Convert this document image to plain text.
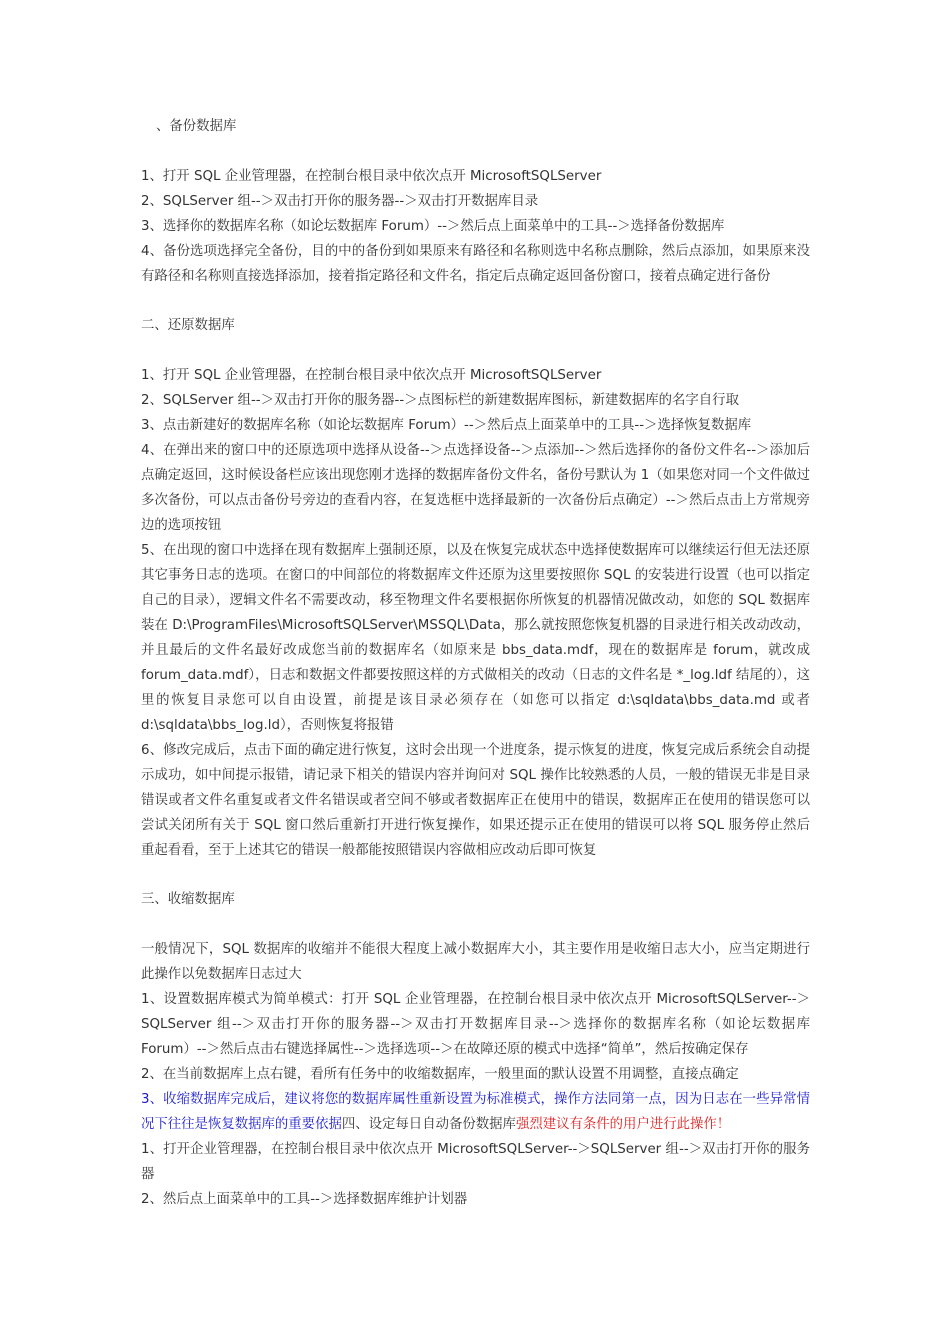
、备份数据库

1、打开 SQL 企业管理器，在控制台根目录中依次点开 MicrosoftSQLServer

2、SQLServer 组--＞双击打开你的服务器--＞双击打开数据库目录

3、选择你的数据库名称（如论坛数据库 Forum）--＞然后点上面菜单中的工具--＞选择备份数据库

4、备份选项选择完全备份，目的中的备份到如果原来有路径和名称则选中名称点删除，然后点添加，如果原来没有路径和名称则直接选择添加，接着指定路径和文件名，指定后点确定返回备份窗口，接着点确定进行备份

二、还原数据库

1、打开 SQL 企业管理器，在控制台根目录中依次点开 MicrosoftSQLServer

2、SQLServer 组--＞双击打开你的服务器--＞点图标栏的新建数据库图标，新建数据库的名字自行取

3、点击新建好的数据库名称（如论坛数据库 Forum）--＞然后点上面菜单中的工具--＞选择恢复数据库

4、在弹出来的窗口中的还原选项中选择从设备--＞点选择设备--＞点添加--＞然后选择你的备份文件名--＞添加后点确定返回，这时候设备栏应该出现您刚才选择的数据库备份文件名，备份号默认为 1（如果您对同一个文件做过多次备份，可以点击备份号旁边的查看内容，在复选框中选择最新的一次备份后点确定）--＞然后点击上方常规旁边的选项按钮

5、在出现的窗口中选择在现有数据库上强制还原，以及在恢复完成状态中选择使数据库可以继续运行但无法还原其它事务日志的选项。在窗口的中间部位的将数据库文件还原为这里要按照你 SQL 的安装进行设置（也可以指定自己的目录），逻辑文件名不需要改动，移至物理文件名要根据你所恢复的机器情况做改动，如您的 SQL 数据库装在 D:\ProgramFiles\MicrosoftSQLServer\MSSQL\Data，那么就按照您恢复机器的目录进行相关改动改动，并且最后的文件名最好改成您当前的数据库名（如原来是 bbs_data.mdf，现在的数据库是 forum，就改成 forum_data.mdf），日志和数据文件都要按照这样的方式做相关的改动（日志的文件名是 *_log.ldf 结尾的），这里的恢复目录您可以自由设置，前提是该目录必须存在（如您可以指定 d:\sqldata\bbs_data.md 或者 d:\sqldata\bbs_log.ld），否则恢复将报错

6、修改完成后，点击下面的确定进行恢复，这时会出现一个进度条，提示恢复的进度，恢复完成后系统会自动提示成功，如中间提示报错，请记录下相关的错误内容并询问对 SQL 操作比较熟悉的人员，一般的错误无非是目录错误或者文件名重复或者文件名错误或者空间不够或者数据库正在使用中的错误，数据库正在使用的错误您可以尝试关闭所有关于 SQL 窗口然后重新打开进行恢复操作，如果还提示正在使用的错误可以将 SQL 服务停止然后重起看看，至于上述其它的错误一般都能按照错误内容做相应改动后即可恢复

三、收缩数据库

一般情况下，SQL 数据库的收缩并不能很大程度上减小数据库大小，其主要作用是收缩日志大小，应当定期进行此操作以免数据库日志过大

1、设置数据库模式为简单模式：打开 SQL 企业管理器，在控制台根目录中依次点开 MicrosoftSQLServer--＞SQLServer 组--＞双击打开你的服务器--＞双击打开数据库目录--＞选择你的数据库名称（如论坛数据库 Forum）--＞然后点击右键选择属性--＞选择选项--＞在故障还原的模式中选择“简单”，然后按确定保存

2、在当前数据库上点右键，看所有任务中的收缩数据库，一般里面的默认设置不用调整，直接点确定

3、收缩数据库完成后，建议将您的数据库属性重新设置为标准模式，操作方法同第一点，因为日志在一些异常情况下往往是恢复数据库的重要依据四、设定每日自动备份数据库强烈建议有条件的用户进行此操作！

1、打开企业管理器，在控制台根目录中依次点开 MicrosoftSQLServer--＞SQLServer 组--＞双击打开你的服务器

2、然后点上面菜单中的工具--＞选择数据库维护计划器
